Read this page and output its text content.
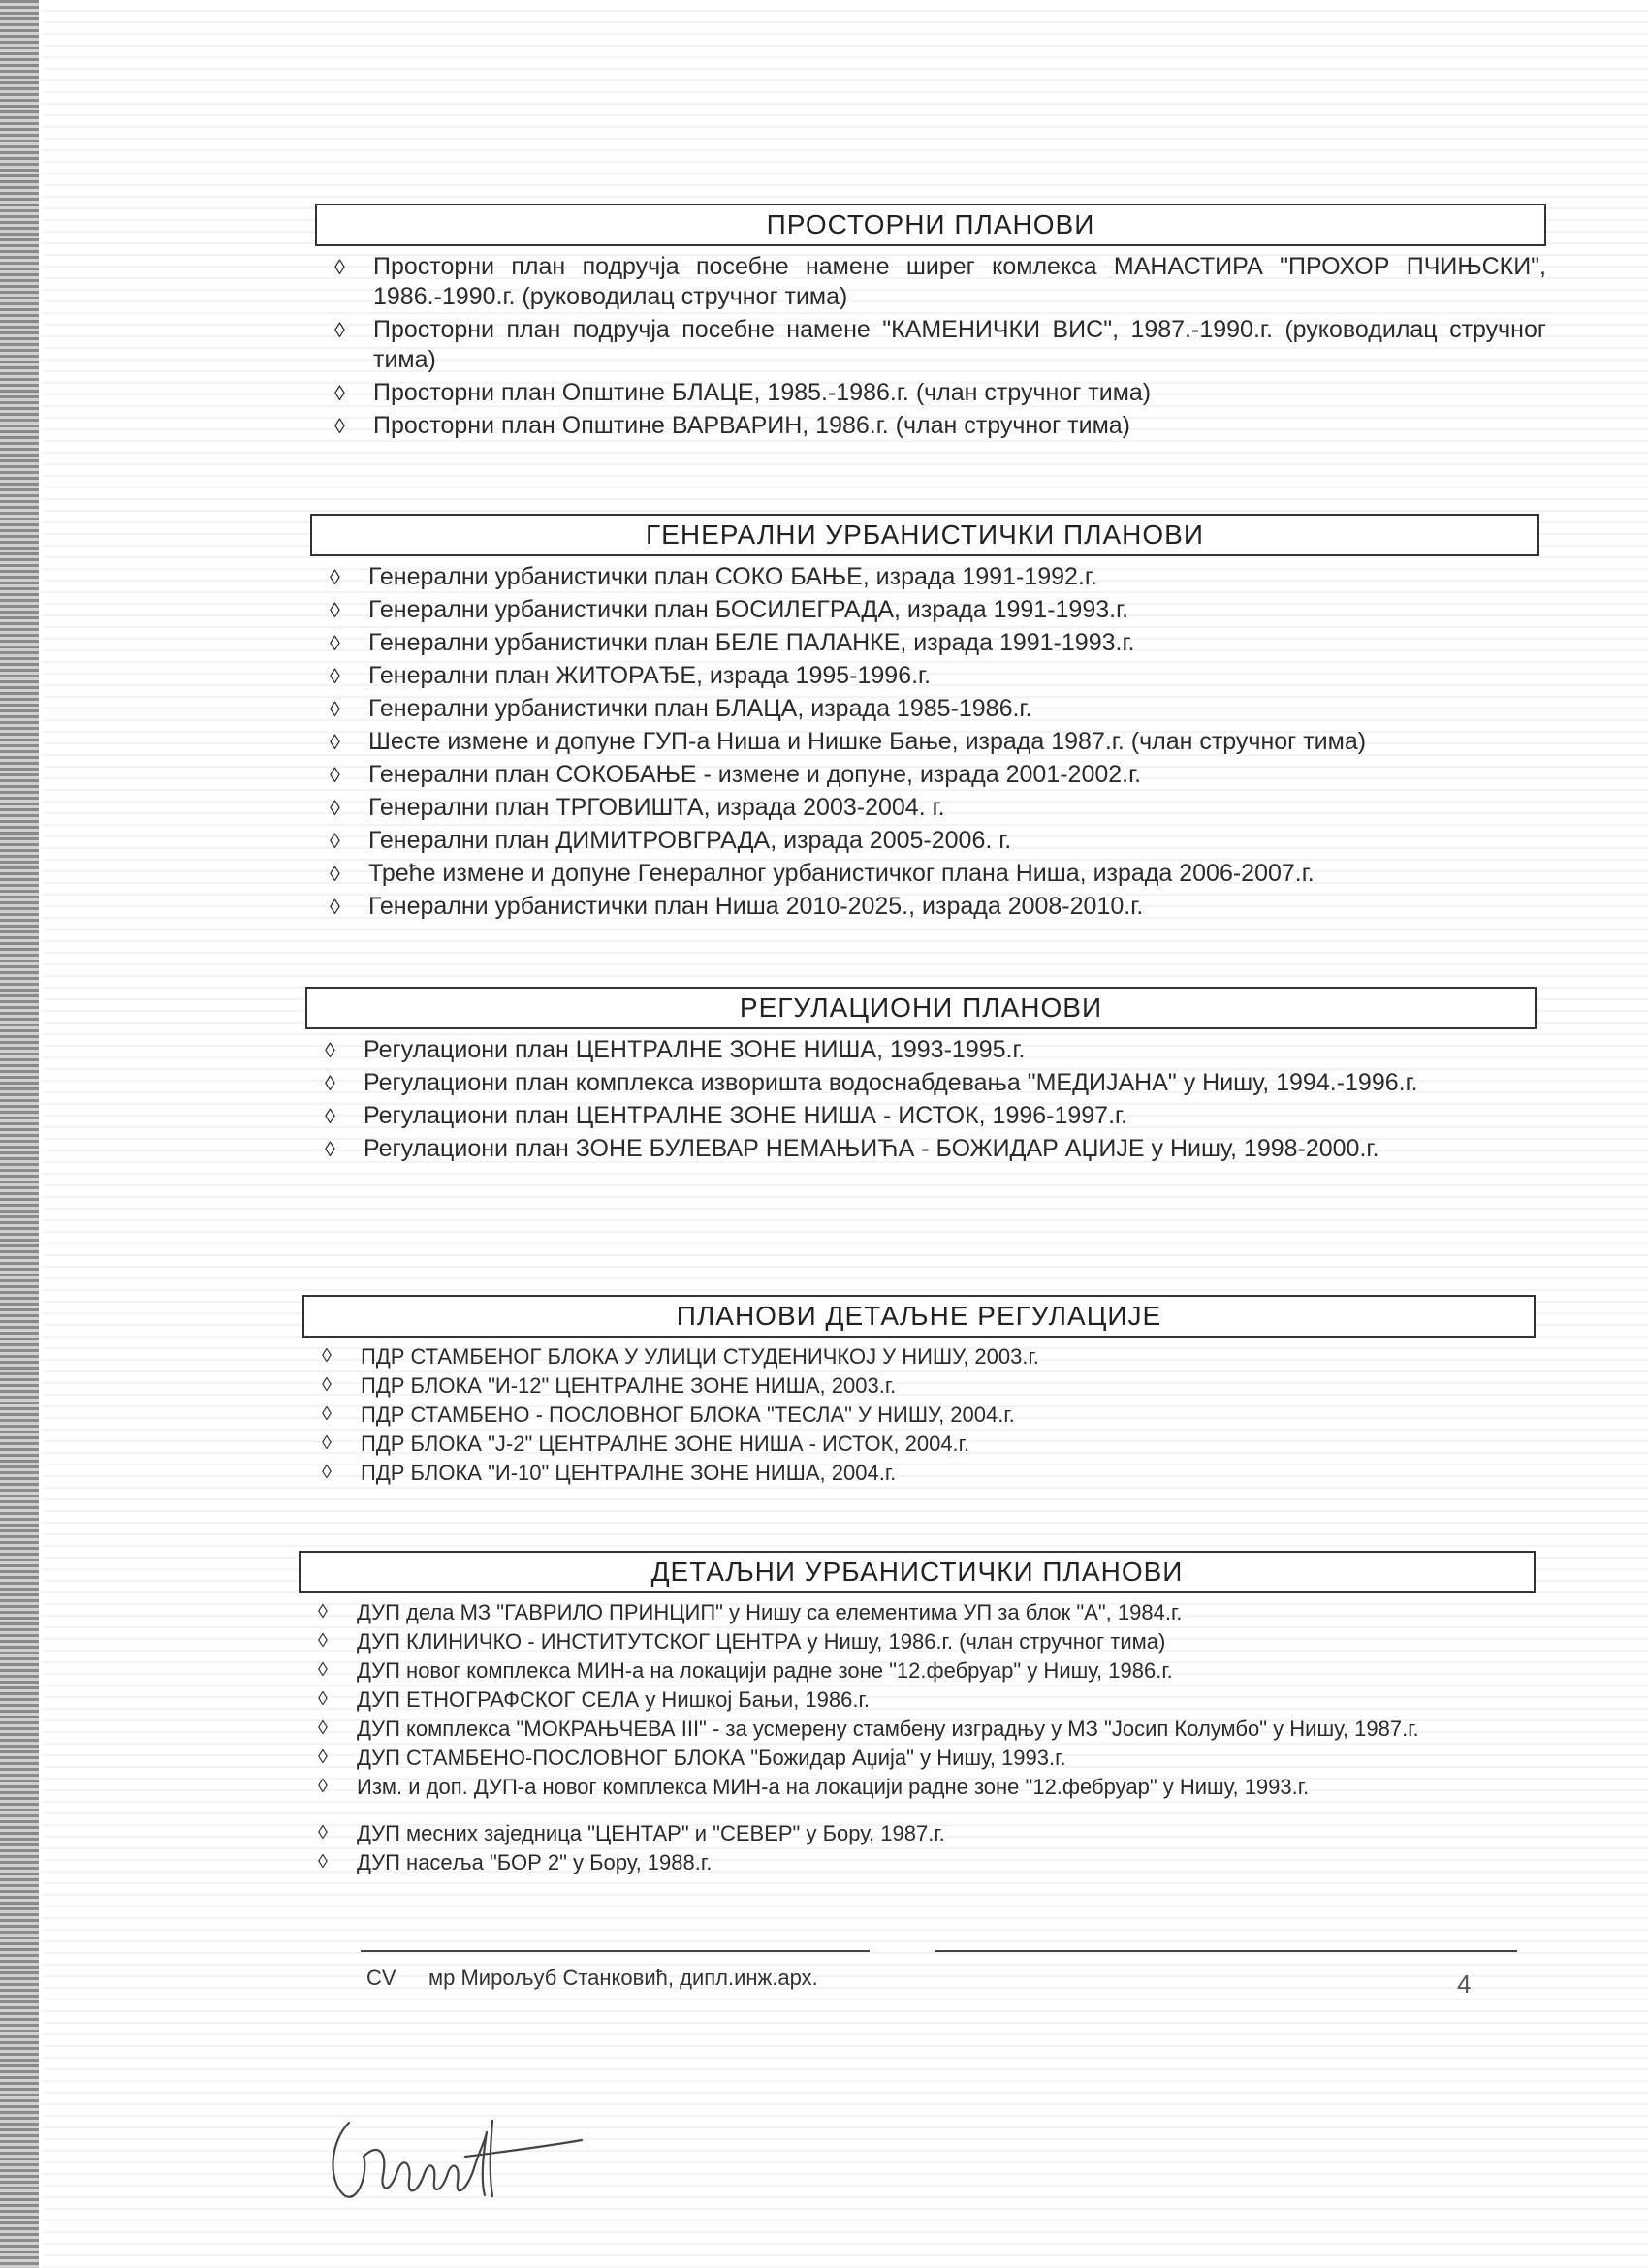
ПРОСТОРНИ ПЛАНОВИ
◊ Просторни план подручја посебне намене ширег комлекса МАНАСТИРА "ПРОХОР ПЧИЊСКИ", 1986.-1990.г. (руководилац стручног тима)
◊ Просторни план подручја посебне намене "КАМЕНИЧКИ ВИС", 1987.-1990.г. (руководилац стручног тима)
◊ Просторни план Општине БЛАЦЕ, 1985.-1986.г. (члан стручног тима)
◊ Просторни план Општине ВАРВАРИН, 1986.г. (члан стручног тима)
ГЕНЕРАЛНИ УРБАНИСТИЧКИ ПЛАНОВИ
◊ Генерални урбанистички план СОКО БАЊЕ, израда 1991-1992.г.
◊ Генерални урбанистички план БОСИЛЕГРАДА, израда 1991-1993.г.
◊ Генерални урбанистички план БЕЛЕ ПАЛАНКЕ, израда 1991-1993.г.
◊ Генерални план ЖИТОРАЂЕ, израда 1995-1996.г.
◊ Генерални урбанистички план БЛАЦА, израда 1985-1986.г.
◊ Шесте измене и допуне ГУП-а Ниша и Нишке Бање, израда 1987.г. (члан стручног тима)
◊ Генерални план СОКОБАЊЕ - измене и допуне, израда 2001-2002.г.
◊ Генерални план ТРГОВИШТА, израда 2003-2004. г.
◊ Генерални план ДИМИТРОВГРАДА, израда 2005-2006. г.
◊ Треће измене и допуне Генералног урбанистичког плана Ниша, израда 2006-2007.г.
◊ Генерални урбанистички план Ниша 2010-2025., израда 2008-2010.г.
РЕГУЛАЦИОНИ ПЛАНОВИ
◊ Регулациони план ЦЕНТРАЛНЕ ЗОНЕ НИША, 1993-1995.г.
◊ Регулациони план комплекса изворишта водоснабдевања "МЕДИЈАНА" у Нишу, 1994.-1996.г.
◊ Регулациони план ЦЕНТРАЛНЕ ЗОНЕ НИША - ИСТОК, 1996-1997.г.
◊ Регулациони план ЗОНЕ БУЛЕВАР НЕМАЊИЋА - БОЖИДАР АЏИЈЕ у Нишу, 1998-2000.г.
ПЛАНОВИ ДЕТАЉНЕ РЕГУЛАЦИЈЕ
◊ ПДР СТАМБЕНОГ БЛОКА У УЛИЦИ СТУДЕНИЧКОЈ У НИШУ, 2003.г.
◊ ПДР БЛОКА "И-12" ЦЕНТРАЛНЕ ЗОНЕ НИША, 2003.г.
◊ ПДР СТАМБЕНО - ПОСЛОВНОГ БЛОКА "ТЕСЛА" У НИШУ, 2004.г.
◊ ПДР БЛОКА "Ј-2" ЦЕНТРАЛНЕ ЗОНЕ НИША - ИСТОК, 2004.г.
◊ ПДР БЛОКА "И-10" ЦЕНТРАЛНЕ ЗОНЕ НИША, 2004.г.
ДЕТАЉНИ УРБАНИСТИЧКИ ПЛАНОВИ
◊ ДУП дела МЗ "ГАВРИЛО ПРИНЦИП" у Нишу са елементима УП за блок "А", 1984.г.
◊ ДУП КЛИНИЧКО - ИНСТИТУТСКОГ ЦЕНТРА у Нишу, 1986.г. (члан стручног тима)
◊ ДУП новог комплекса МИН-а на локацији радне зоне "12.фебруар" у Нишу, 1986.г.
◊ ДУП ЕТНОГРАФСКОГ СЕЛА у Нишкој Бањи, 1986.г.
◊ ДУП комплекса "МОКРАЊЧЕВА III" - за усмерену стамбену изградњу у МЗ "Јосип Колумбо" у Нишу, 1987.г.
◊ ДУП СТАМБЕНО-ПОСЛОВНОГ БЛОКА "Божидар Аџија" у Нишу, 1993.г.
◊ Изм. и доп. ДУП-а новог комплекса МИН-а на локацији радне зоне "12.фебруар" у Нишу, 1993.г.
◊ ДУП месних заједница "ЦЕНТАР" и "СЕВЕР" у Бору, 1987.г.
◊ ДУП насеља "БОР 2" у Бору, 1988.г.
CV мр Мирољуб Станковић, дипл.инж.арх.	4
